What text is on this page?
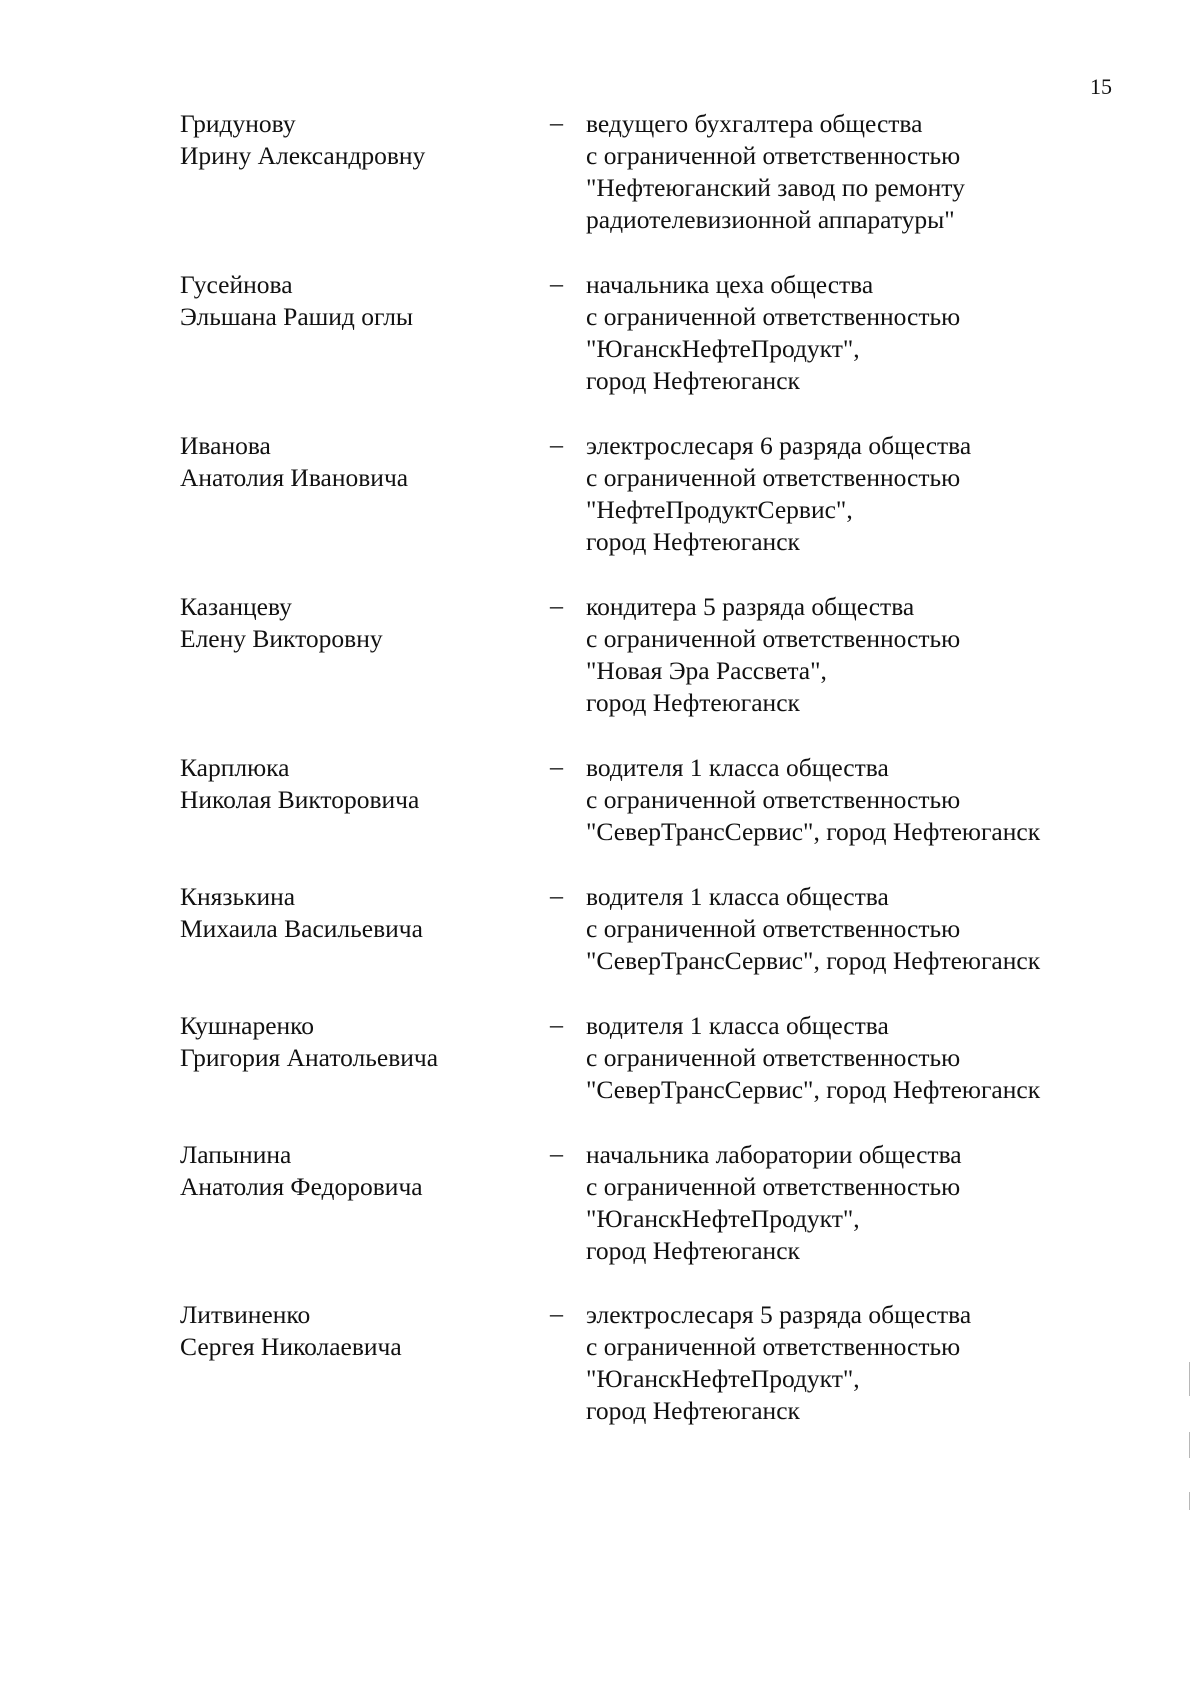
15
Гридунову
Ирину Александровну
– ведущего бухгалтера общества
с ограниченной ответственностью
"Нефтеюганский завод по ремонту
радиотелевизионной аппаратуры"
Гусейнова
Эльшана Рашид оглы
– начальника цеха общества
с ограниченной ответственностью
"ЮганскНефтеПродукт",
город Нефтеюганск
Иванова
Анатолия Ивановича
– электрослесаря 6 разряда общества
с ограниченной ответственностью
"НефтеПродуктСервис",
город Нефтеюганск
Казанцеву
Елену Викторовну
– кондитера 5 разряда общества
с ограниченной ответственностью
"Новая Эра Рассвета",
город Нефтеюганск
Карплюка
Николая Викторовича
– водителя 1 класса общества
с ограниченной ответственностью
"СеверТрансСервис", город Нефтеюганск
Князькина
Михаила Васильевича
– водителя 1 класса общества
с ограниченной ответственностью
"СеверТрансСервис", город Нефтеюганск
Кушнаренко
Григория Анатольевича
– водителя 1 класса общества
с ограниченной ответственностью
"СеверТрансСервис", город Нефтеюганск
Лапынина
Анатолия Федоровича
– начальника лаборатории общества
с ограниченной ответственностью
"ЮганскНефтеПродукт",
город Нефтеюганск
Литвиненко
Сергея Николаевича
– электрослесаря 5 разряда общества
с ограниченной ответственностью
"ЮганскНефтеПродукт",
город Нефтеюганск
